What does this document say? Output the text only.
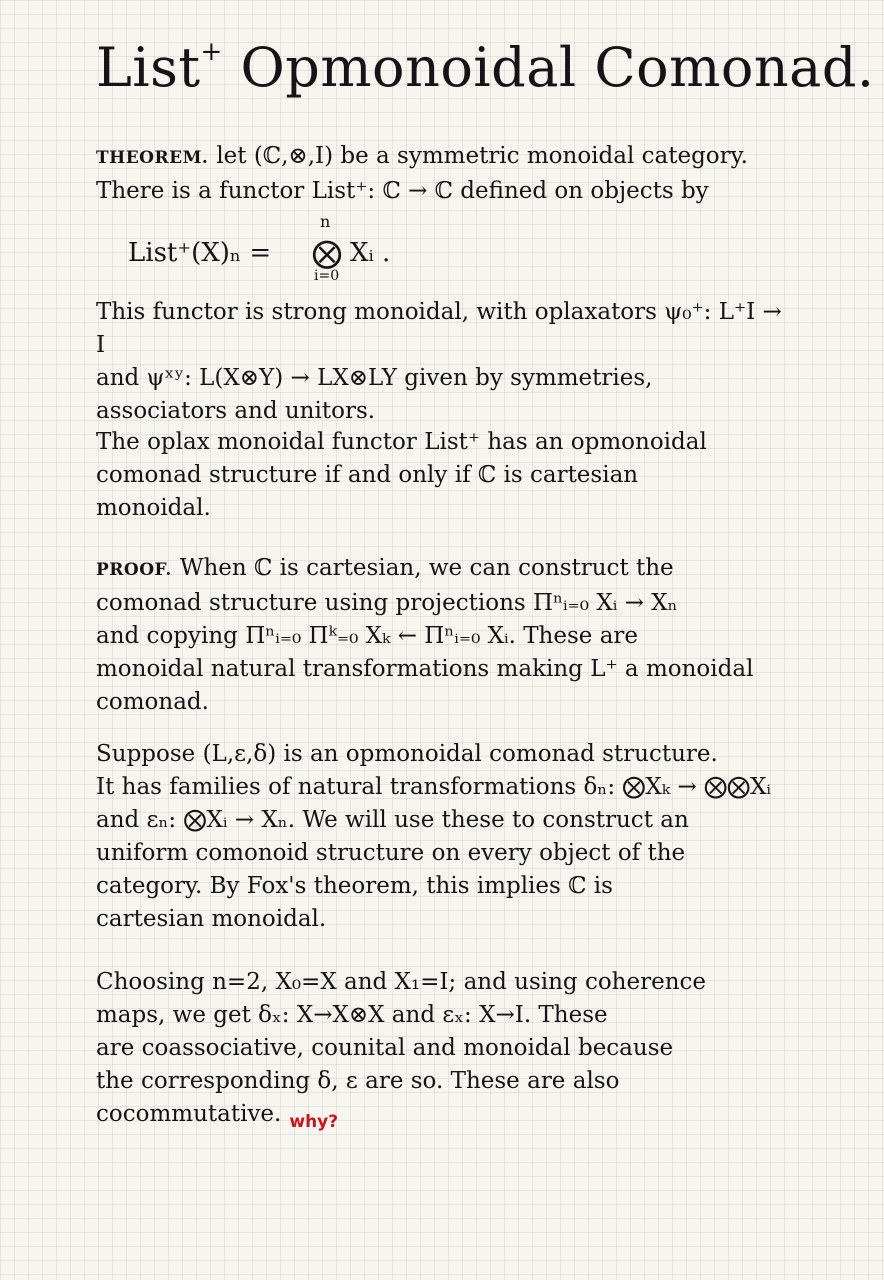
List+ Opmonoidal Comonad.

THEOREM. let (ℂ,⊗,I) be a symmetric monoidal category.

There is a functor List⁺: ℂ → ℂ defined on objects by

List⁺(X)ₙ =
n
⨂
i=0
Xᵢ .

This functor is strong monoidal, with oplaxators ψ₀⁺: L⁺I → I

and ψˣʸ: L(X⊗Y) → LX⊗LY given by symmetries,

associators and unitors.

The oplax monoidal functor List⁺ has an opmonoidal

comonad structure if and only if ℂ is cartesian

monoidal.

PROOF. When ℂ is cartesian, we can construct the

comonad structure using projections Πⁿᵢ₌₀ Xᵢ → Xₙ

and copying Πⁿᵢ₌₀ Πᵏ₌₀ Xₖ ← Πⁿᵢ₌₀ Xᵢ. These are

monoidal natural transformations making L⁺ a monoidal

comonad.

Suppose (L,ε,δ) is an opmonoidal comonad structure.

It has families of natural transformations δₙ: ⨂Xₖ → ⨂⨂Xᵢ

and εₙ: ⨂Xᵢ → Xₙ. We will use these to construct an

uniform comonoid structure on every object of the

category. By Fox's theorem, this implies ℂ is

cartesian monoidal.

Choosing n=2, X₀=X and X₁=I; and using coherence

maps, we get δₓ: X→X⊗X and εₓ: X→I. These

are coassociative, counital and monoidal because

the corresponding δ, ε are so. These are also

cocommutative. $_{why?}$
